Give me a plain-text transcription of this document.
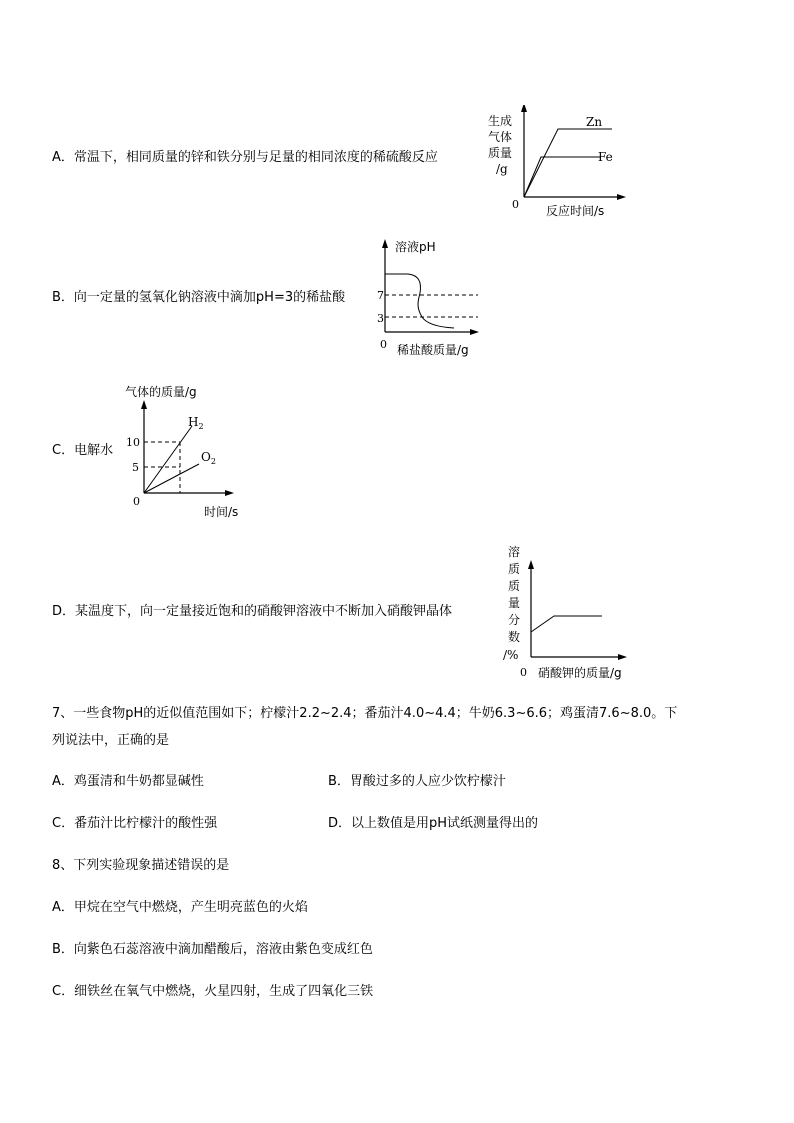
A．常温下，相同质量的锌和铁分别与足量的相同浓度的稀硫酸反应
生成
气体
质量
/g
0 反应时间/s
Zn
Fe
B．向一定量的氢氧化钠溶液中滴加pH=3的稀盐酸
溶液pH
7
3
0 稀盐酸质量/g
C．电解水
气体的质量/g
10
5
0
时间/s
$H_2$
$O_2$
D．某温度下，向一定量接近饱和的硝酸钾溶液中不断加入硝酸钾晶体
溶
质
质
量
分
数
/%
0 硝酸钾的质量/g
7、一些食物pH的近似值范围如下；柠檬汁2.2~2.4；番茄汁4.0~4.4；牛奶6.3~6.6；鸡蛋清7.6~8.0。下
列说法中，正确的是
A．鸡蛋清和牛奶都显碱性	B．胃酸过多的人应少饮柠檬汁
C．番茄汁比柠檬汁的酸性强	D．以上数值是用pH试纸测量得出的
8、下列实验现象描述错误的是
A．甲烷在空气中燃烧，产生明亮蓝色的火焰
B．向紫色石蕊溶液中滴加醋酸后，溶液由紫色变成红色
C．细铁丝在氧气中燃烧，火星四射，生成了四氧化三铁
